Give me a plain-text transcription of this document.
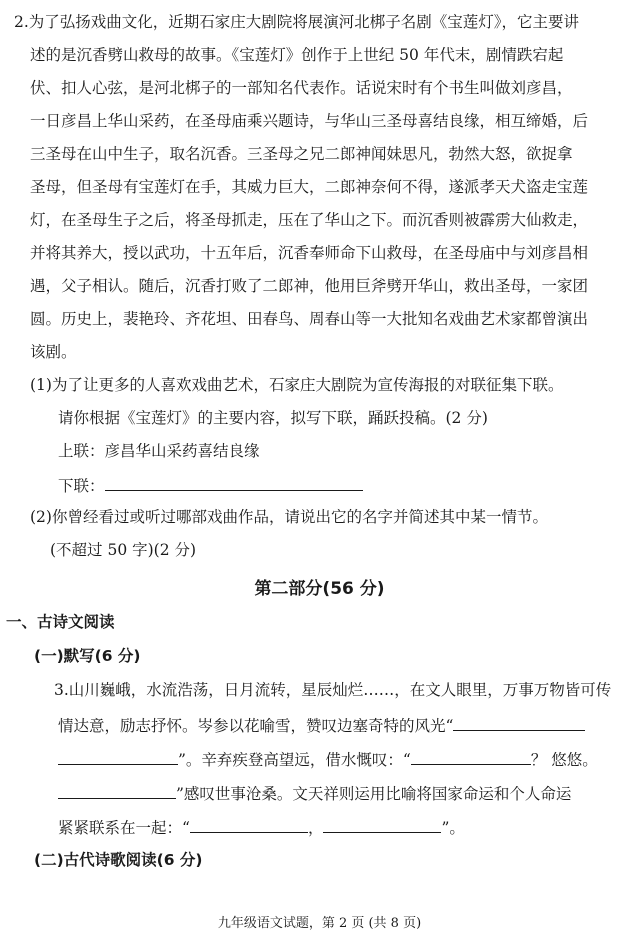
2.为了弘扬戏曲文化，近期石家庄大剧院将展演河北梆子名剧《宝莲灯》，它主要讲
述的是沉香劈山救母的故事。《宝莲灯》创作于上世纪 50 年代末，剧情跌宕起
伏、扣人心弦，是河北梆子的一部知名代表作。话说宋时有个书生叫做刘彦昌，
一日彦昌上华山采药，在圣母庙乘兴题诗，与华山三圣母喜结良缘，相互缔婚，后
三圣母在山中生子，取名沉香。三圣母之兄二郎神闻妹思凡，勃然大怒，欲捉拿
圣母，但圣母有宝莲灯在手，其威力巨大，二郎神奈何不得，遂派孝天犬盗走宝莲
灯，在圣母生子之后，将圣母抓走，压在了华山之下。而沉香则被霹雳大仙救走，
并将其养大，授以武功，十五年后，沉香奉师命下山救母，在圣母庙中与刘彦昌相
遇，父子相认。随后，沉香打败了二郎神，他用巨斧劈开华山，救出圣母，一家团
圆。历史上，裴艳玲、齐花坦、田春鸟、周春山等一大批知名戏曲艺术家都曾演出
该剧。
(1)为了让更多的人喜欢戏曲艺术，石家庄大剧院为宣传海报的对联征集下联。
请你根据《宝莲灯》的主要内容，拟写下联，踊跃投稿。(2 分)
上联：彦昌华山采药喜结良缘
下联：
(2)你曾经看过或听过哪部戏曲作品，请说出它的名字并简述其中某一情节。
(不超过 50 字)(2 分)
第二部分(56 分)
一、古诗文阅读
(一)默写(6 分)
3.山川巍峨，水流浩荡，日月流转，星辰灿烂……，在文人眼里，万事万物皆可传
情达意，励志抒怀。岑参以花喻雪，赞叹边塞奇特的风光“
”。辛弃疾登高望远，借水慨叹：“	？ 悠悠。
”感叹世事沧桑。文天祥则运用比喻将国家命运和个人命运
紧紧联系在一起：“	，	”。
(二)古代诗歌阅读(6 分)
九年级语文试题，第 2 页 (共 8 页)
